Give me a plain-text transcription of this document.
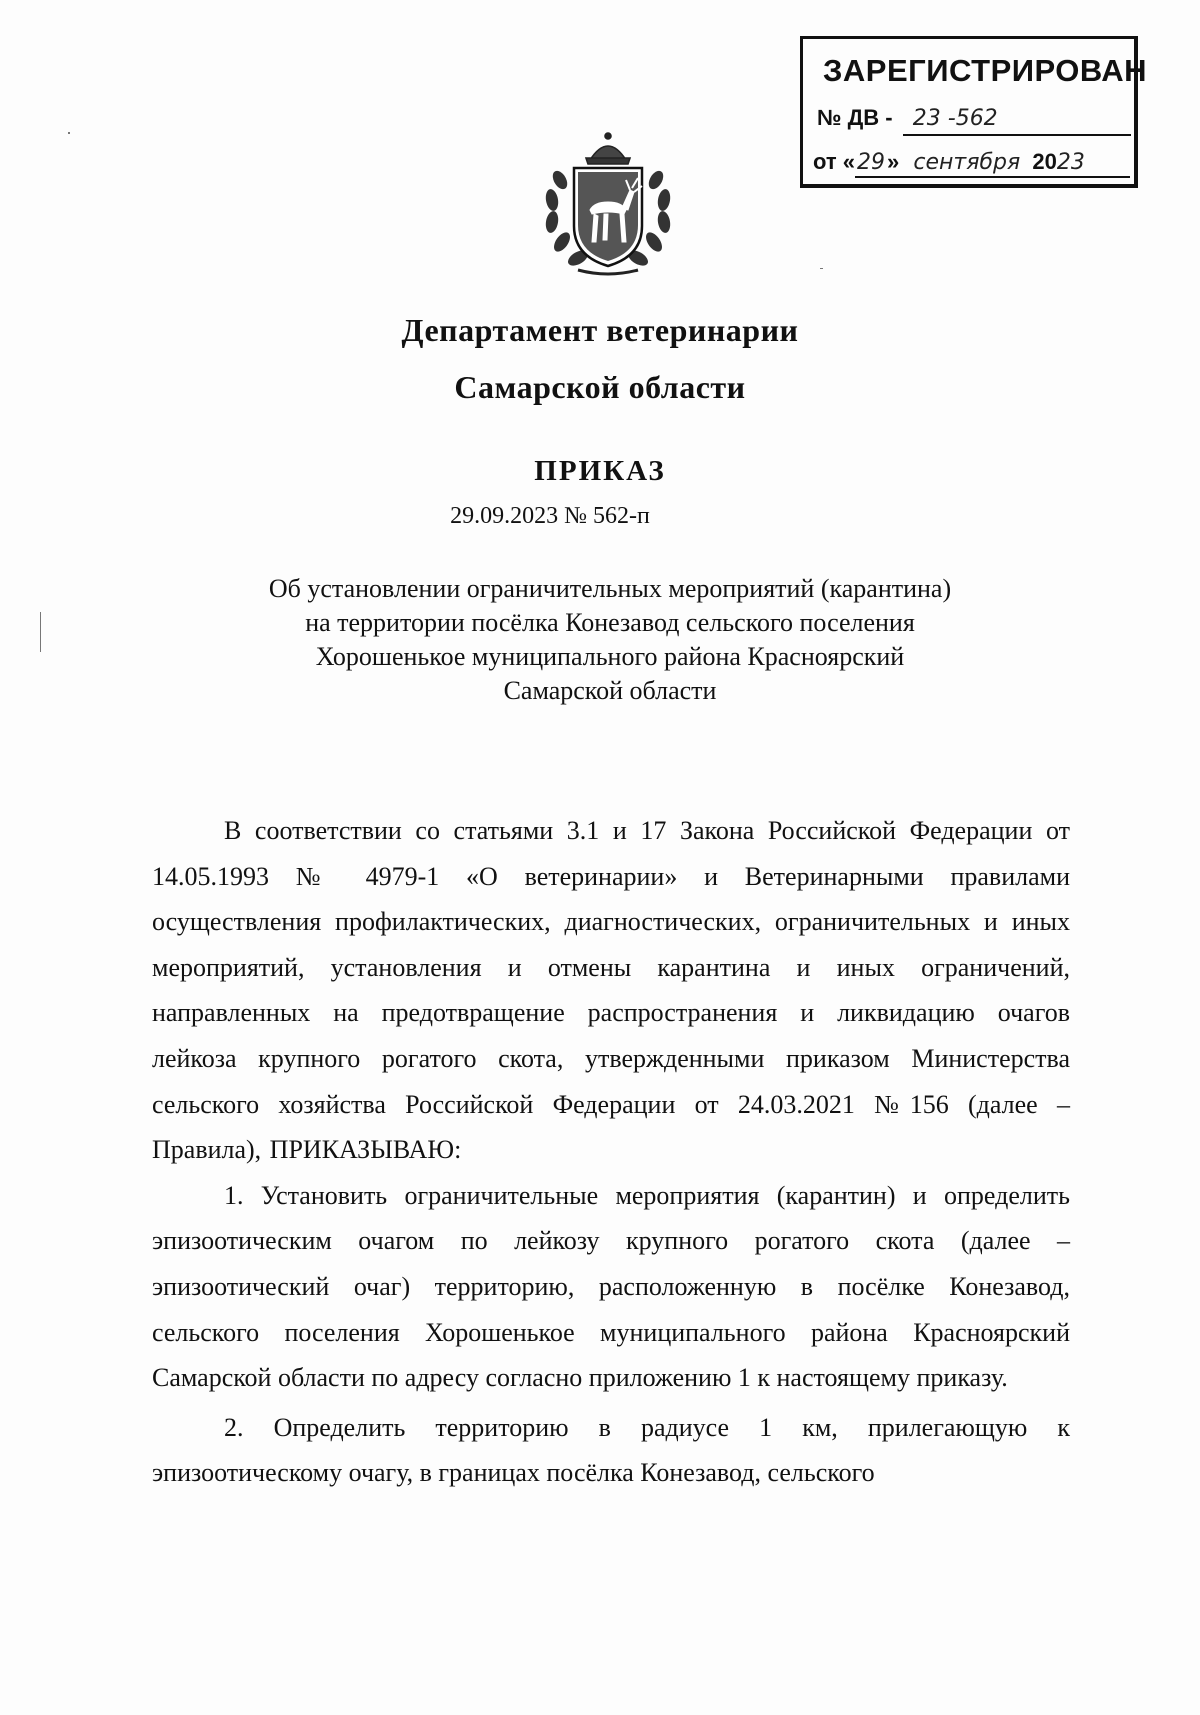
ЗАРЕГИСТРИРОВАН
№ ДВ - 23 -562
от «29» сентября 2023
Департамент ветеринарии
Самарской области
ПРИКАЗ
29.09.2023 № 562-п
Об установлении ограничительных мероприятий (карантина)
на территории посёлка Конезавод сельского поселения
Хорошенькое муниципального района Красноярский
Самарской области

В соответствии со статьями 3.1 и 17 Закона Российской Федерации от 14.05.1993 № 4979-1 «О ветеринарии» и Ветеринарными правилами осуществления профилактических, диагностических, ограничительных и иных мероприятий, установления и отмены карантина и иных ограничений, направленных на предотвращение распространения и ликвидацию очагов лейкоза крупного рогатого скота, утвержденными приказом Министерства сельского хозяйства Российской Федерации от 24.03.2021 №156 (далее – Правила), ПРИКАЗЫВАЮ:

1. Установить ограничительные мероприятия (карантин) и определить эпизоотическим очагом по лейкозу крупного рогатого скота (далее – эпизоотический очаг) территорию, расположенную в посёлке Конезавод, сельского поселения Хорошенькое муниципального района Красноярский Самарской области по адресу согласно приложению 1 к настоящему приказу.

2. Определить территорию в радиусе 1 км, прилегающую к эпизоотическому очагу, в границах посёлка Конезавод, сельского
